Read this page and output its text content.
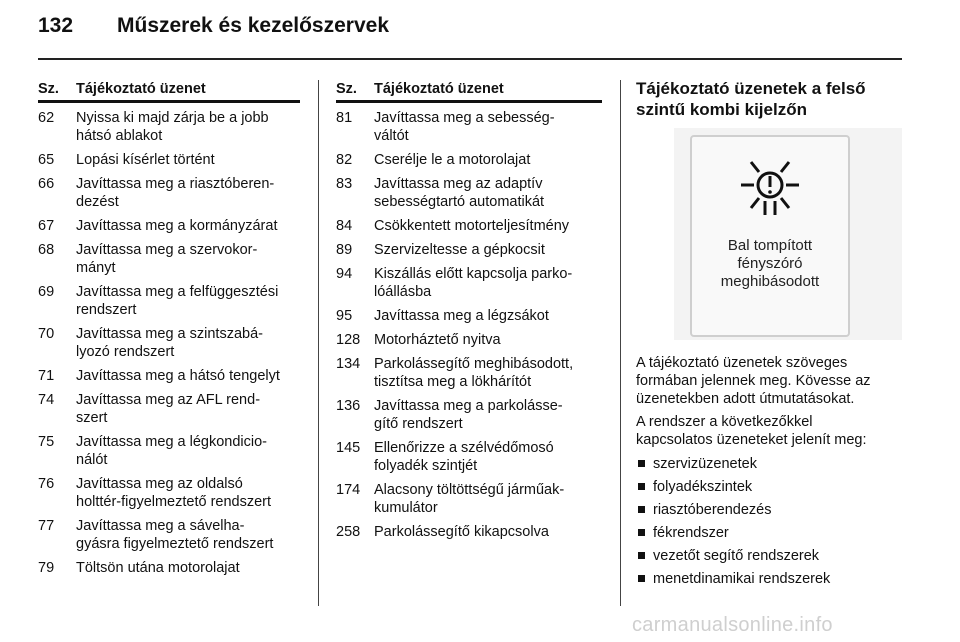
132 Műszerek és kezelőszervek
Sz. Tájékoztató üzenet
62 Nyissa ki majd zárja be a jobb
hátsó ablakot
65 Lopási kísérlet történt
66 Javíttassa meg a riasztóberen-
dezést
67 Javíttassa meg a kormányzárat
68 Javíttassa meg a szervokor-
mányt
69 Javíttassa meg a felfüggesztési
rendszert
70 Javíttassa meg a szintszabá-
lyozó rendszert
71 Javíttassa meg a hátsó tengelyt
74 Javíttassa meg az AFL rend-
szert
75 Javíttassa meg a légkondicio-
nálót
76 Javíttassa meg az oldalsó
holttér-figyelmeztető rendszert
77 Javíttassa meg a sávelha-
gyásra figyelmeztető rendszert
79 Töltsön utána motorolajat
Sz. Tájékoztató üzenet
81 Javíttassa meg a sebesség-
váltót
82 Cserélje le a motorolajat
83 Javíttassa meg az adaptív
sebességtartó automatikát
84 Csökkentett motorteljesítmény
89 Szervizeltesse a gépkocsit
94 Kiszállás előtt kapcsolja parko-
lóállásba
95 Javíttassa meg a légzsákot
128 Motorháztető nyitva
134 Parkolássegítő meghibásodott,
tisztítsa meg a lökhárítót
136 Javíttassa meg a parkolásse-
gítő rendszert
145 Ellenőrizze a szélvédőmosó
folyadék szintjét
174 Alacsony töltöttségű járműak-
kumulátor
258 Parkolássegítő kikapcsolva
Tájékoztató üzenetek a felső
szintű kombi kijelzőn
Bal tompított
fényszóró
meghibásodott
A tájékoztató üzenetek szöveges
formában jelennek meg. Kövesse az
üzenetekben adott útmutatásokat.
A rendszer a következőkkel
kapcsolatos üzeneteket jelenít meg:
szervizüzenetek
folyadékszintek
riasztóberendezés
fékrendszer
vezetőt segítő rendszerek
menetdinamikai rendszerek
carmanualsonline.info
